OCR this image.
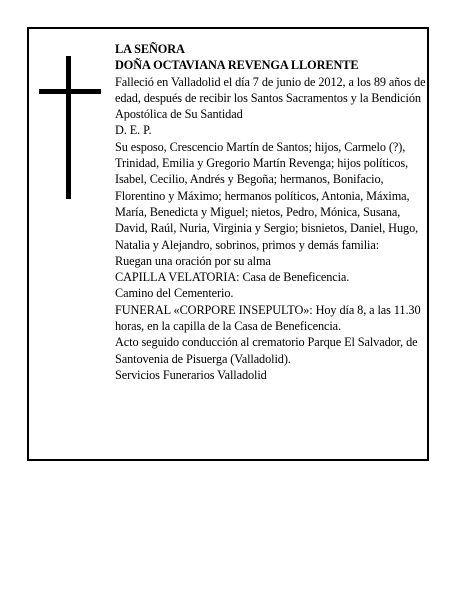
LA SEÑORA

DOÑA OCTAVIANA REVENGA LLORENTE

Falleció en Valladolid el día 7 de junio de 2012, a los 89 años de edad, después de recibir los Santos Sacramentos y la Bendición Apostólica de Su Santidad

D. E. P.

Su esposo, Crescencio Martín de Santos; hijos, Carmelo (?), Trinidad, Emilia y Gregorio Martín Revenga; hijos políticos, Isabel, Cecilio, Andrés y Begoña; hermanos, Bonifacio, Florentino y Máximo; hermanos políticos, Antonia, Máxima, María, Benedicta y Miguel; nietos, Pedro, Mónica, Susana, David, Raúl, Nuria, Virginia y Sergio; bisnietos, Daniel, Hugo, Natalia y Alejandro, sobrinos, primos y demás familia:

Ruegan una oración por su alma

CAPILLA VELATORIA: Casa de Beneficencia.

Camino del Cementerio.

FUNERAL «CORPORE INSEPULTO»: Hoy día 8, a las 11.30 horas, en la capilla de la Casa de Beneficencia.

Acto seguido conducción al crematorio Parque El Salvador, de Santovenia de Pisuerga (Valladolid).

Servicios Funerarios Valladolid
